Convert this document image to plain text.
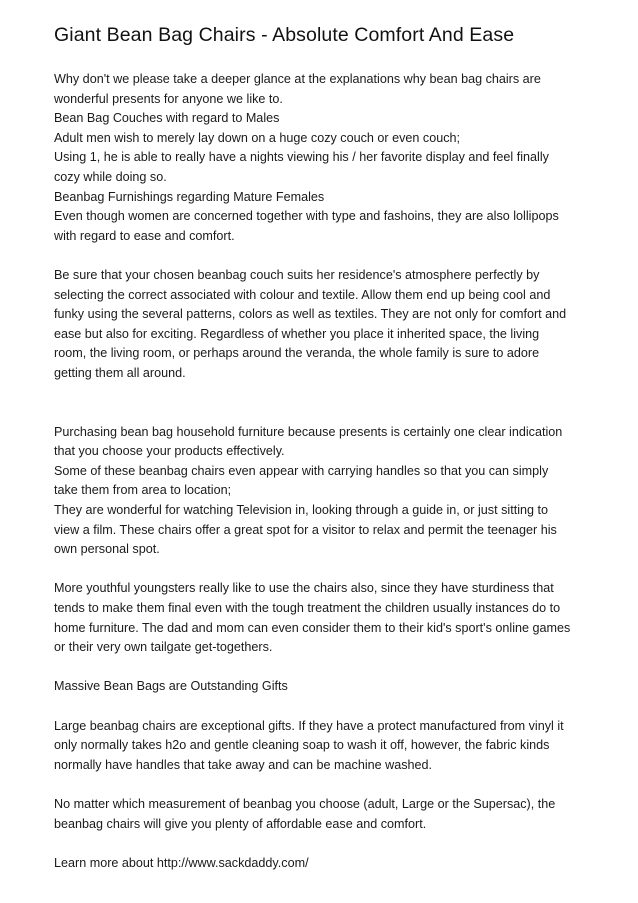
Giant Bean Bag Chairs - Absolute Comfort And Ease
Why don't we please take a deeper glance at the explanations why bean bag chairs are
wonderful presents for anyone we like to.
Bean Bag Couches with regard to Males
Adult men wish to merely lay down on a huge cozy couch or even couch;
Using 1, he is able to really have a nights viewing his / her favorite display and feel finally
cozy while doing so.
Beanbag Furnishings regarding Mature Females
Even though women are concerned together with type and fashoins, they are also lollipops
with regard to ease and comfort.
Be sure that your chosen beanbag couch suits her residence's atmosphere perfectly by
selecting the correct associated with colour and textile. Allow them end up being cool and
funky using the several patterns, colors as well as textiles. They are not only for comfort and
ease but also for exciting. Regardless of whether you place it inherited space, the living
room, the living room, or perhaps around the veranda, the whole family is sure to adore
getting them all around.
Purchasing bean bag household furniture because presents is certainly one clear indication
that you choose your products effectively.
Some of these beanbag chairs even appear with carrying handles so that you can simply
take them from area to location;
They are wonderful for watching Television in, looking through a guide in, or just sitting to
view a film. These chairs offer a great spot for a visitor to relax and permit the teenager his
own personal spot.
More youthful youngsters really like to use the chairs also, since they have sturdiness that
tends to make them final even with the tough treatment the children usually instances do to
home furniture. The dad and mom can even consider them to their kid's sport's online games
or their very own tailgate get-togethers.
Massive Bean Bags are Outstanding Gifts
Large beanbag chairs are exceptional gifts. If they have a protect manufactured from vinyl it
only normally takes h2o and gentle cleaning soap to wash it off, however, the fabric kinds
normally have handles that take away and can be machine washed.
No matter which measurement of beanbag you choose (adult, Large or the Supersac), the
beanbag chairs will give you plenty of affordable ease and comfort.
Learn more about http://www.sackdaddy.com/
